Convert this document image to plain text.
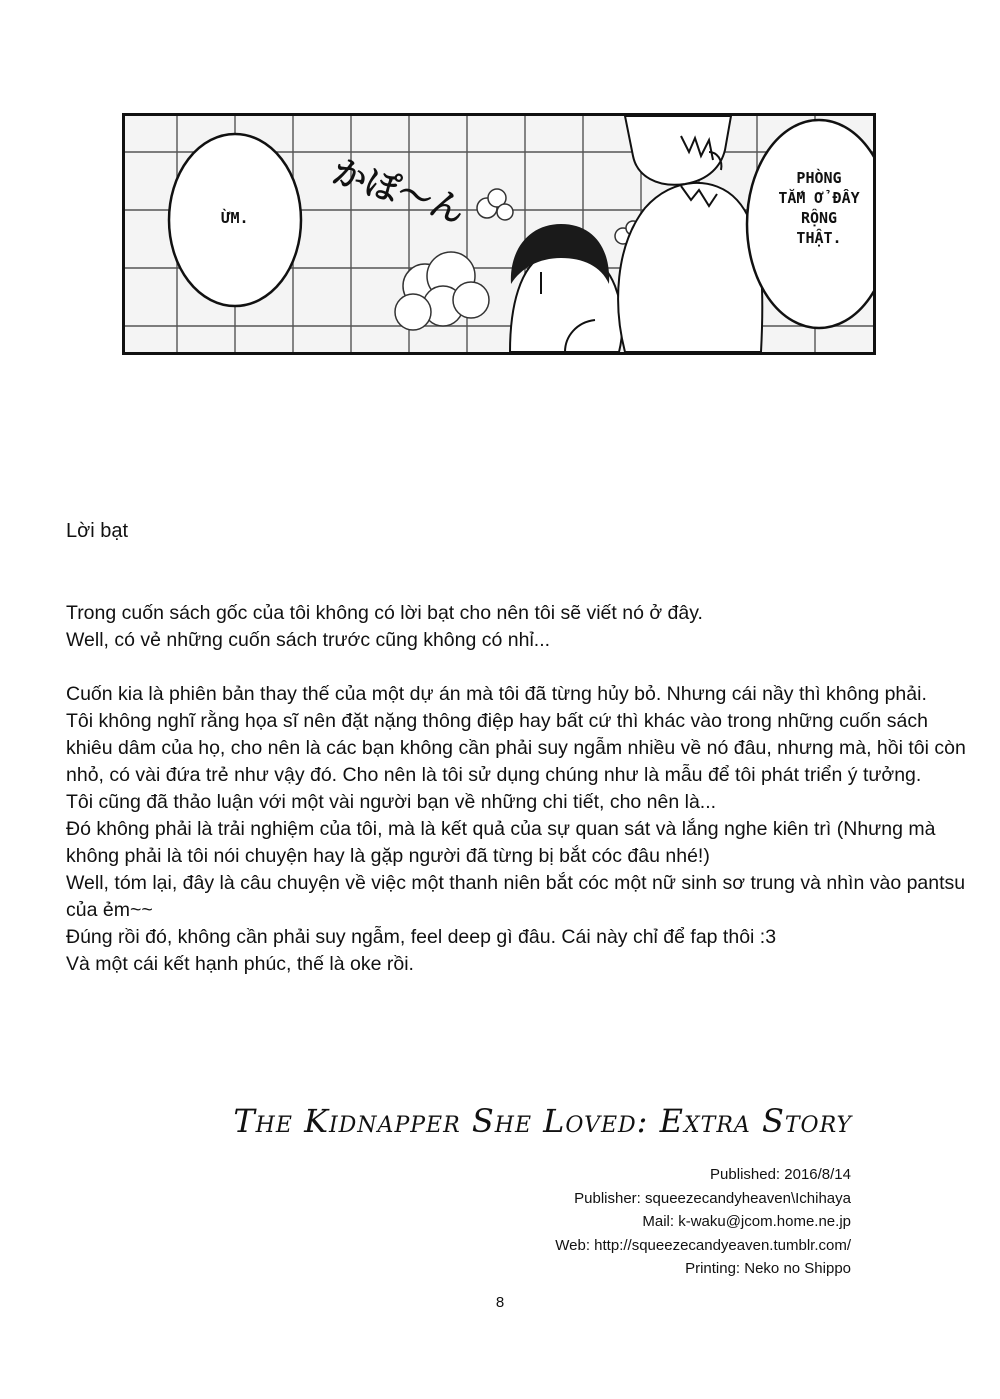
かぽ〜ん
ỪM.
PHÒNG
TẮM Ở ĐÂY
RỘNG
THẬT.
Lời bạt
Trong cuốn sách gốc của tôi không có lời bạt cho nên tôi sẽ viết nó ở đây.
Well, có vẻ những cuốn sách trước cũng không có nhỉ...
Cuốn kia là phiên bản thay thế của một dự án mà tôi đã từng hủy bỏ. Nhưng cái nầy thì không phải.
Tôi không nghĩ rằng họa sĩ nên đặt nặng thông điệp hay bất cứ thì khác vào trong những cuốn sách khiêu dâm của họ, cho nên là các bạn không cần phải suy ngẫm nhiều về nó đâu, nhưng mà, hồi tôi còn nhỏ, có vài đứa trẻ như vậy đó. Cho nên là tôi sử dụng chúng như là mẫu để tôi phát triển ý tưởng.
Tôi cũng đã thảo luận với một vài người bạn về những chi tiết, cho nên là...
Đó không phải là trải nghiệm của tôi, mà là kết quả của sự quan sát và lắng nghe kiên trì (Nhưng mà không phải là tôi nói chuyện hay là gặp người đã từng bị bắt cóc đâu nhé!)
Well, tóm lại, đây là câu chuyện về việc một thanh niên bắt cóc một nữ sinh sơ trung và nhìn vào pantsu của ẻm~~
Đúng rồi đó, không cần phải suy ngẫm, feel deep gì đâu. Cái này chỉ để fap thôi :3
Và một cái kết hạnh phúc, thế là oke rồi.
The Kidnapper She Loved: Extra Story
Published: 2016/8/14
Publisher: squeezecandyheaven\Ichihaya
Mail: k-waku@jcom.home.ne.jp
Web: http://squeezecandyeaven.tumblr.com/
Printing: Neko no Shippo
8
